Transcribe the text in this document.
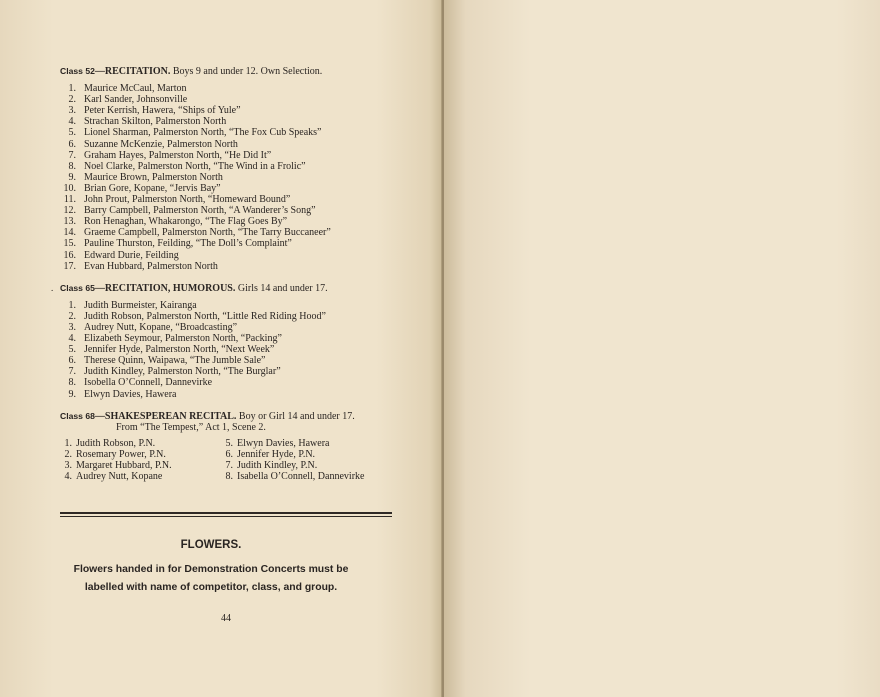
Class 52—RECITATION. Boys 9 and under 12. Own Selection.

1. Maurice McCaul, Marton
2. Karl Sander, Johnsonville
3. Peter Kerrish, Hawera, “Ships of Yule”
4. Strachan Skilton, Palmerston North
5. Lionel Sharman, Palmerston North, “The Fox Cub Speaks”
6. Suzanne McKenzie, Palmerston North
7. Graham Hayes, Palmerston North, “He Did It”
8. Noel Clarke, Palmerston North, “The Wind in a Frolic”
9. Maurice Brown, Palmerston North
10. Brian Gore, Kopane, “Jervis Bay”
11. John Prout, Palmerston North, “Homeward Bound”
12. Barry Campbell, Palmerston North, “A Wanderer’s Song”
13. Ron Henaghan, Whakarongo, “The Flag Goes By”
14. Graeme Campbell, Palmerston North, “The Tarry Buccaneer”
15. Pauline Thurston, Feilding, “The Doll’s Complaint”
16. Edward Durie, Feilding
17. Evan Hubbard, Palmerston North

. Class 65—RECITATION, HUMOROUS. Girls 14 and under 17.

1. Judith Burmeister, Kairanga
2. Judith Robson, Palmerston North, “Little Red Riding Hood”
3. Audrey Nutt, Kopane, “Broadcasting”
4. Elizabeth Seymour, Palmerston North, “Packing”
5. Jennifer Hyde, Palmerston North, “Next Week”
6. Therese Quinn, Waipawa, “The Jumble Sale”
7. Judith Kindley, Palmerston North, “The Burglar”
8. Isobella O’Connell, Dannevirke
9. Elwyn Davies, Hawera

Class 68—SHAKESPEREAN RECITAL. Boy or Girl 14 and under 17.

From “The Tempest,” Act 1, Scene 2.

1. Judith Robson, P.N.
2. Rosemary Power, P.N.
3. Margaret Hubbard, P.N.
4. Audrey Nutt, Kopane
5. Elwyn Davies, Hawera
6. Jennifer Hyde, P.N.
7. Judith Kindley, P.N.
8. Isabella O’Connell, Dannevirke
FLOWERS.
Flowers handed in for Demonstration Concerts must be
labelled with name of competitor, class, and group.
44
